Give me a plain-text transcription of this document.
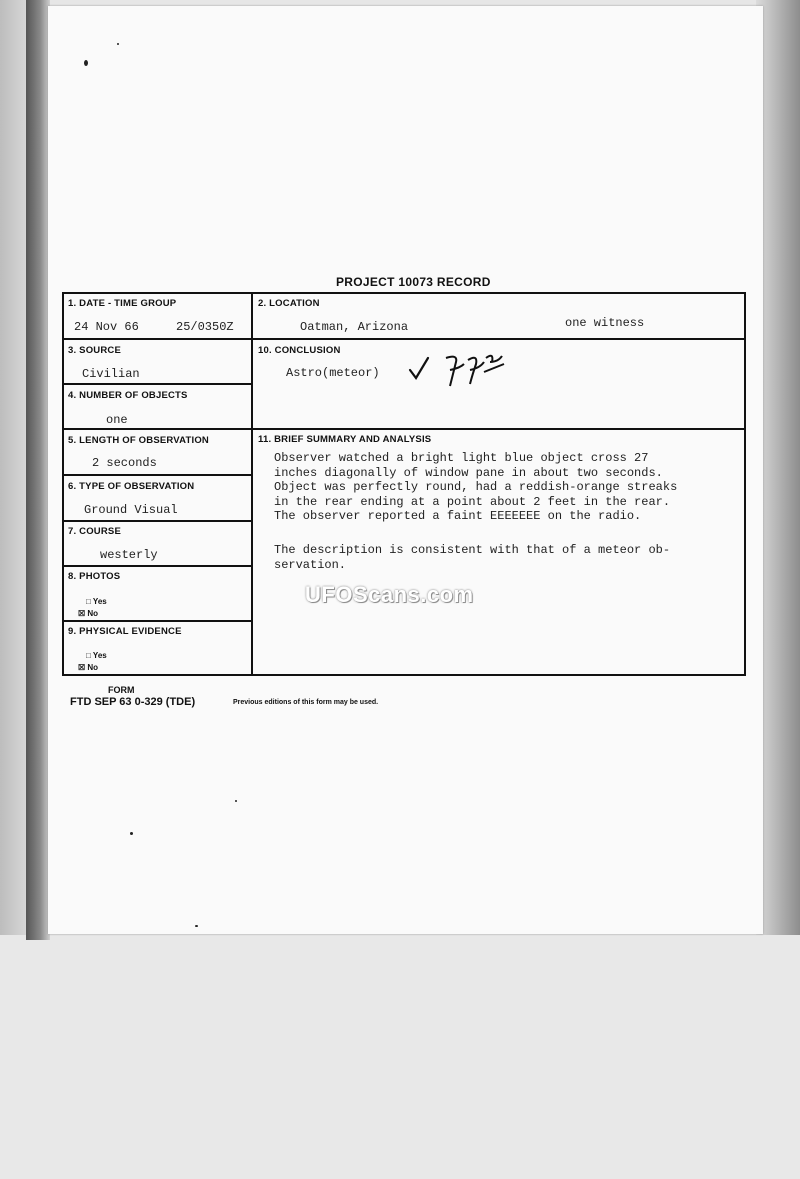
PROJECT 10073 RECORD
1. DATE - TIME GROUP
24 Nov 66	25/0350Z
2. LOCATION
Oatman, Arizona	one witness
3. SOURCE
Civilian
10. CONCLUSION
Astro(meteor)
4. NUMBER OF OBJECTS
one
5. LENGTH OF OBSERVATION
2 seconds
11. BRIEF SUMMARY AND ANALYSIS
Observer watched a bright light blue object cross 27
inches diagonally of window pane in about two seconds.
Object was perfectly round, had a reddish-orange streaks
in the rear ending at a point about 2 feet in the rear.
The observer reported a faint EEEEEEE on the radio.
The description is consistent with that of a meteor ob-
servation.
6. TYPE OF OBSERVATION
Ground Visual
7. COURSE
westerly
8. PHOTOS
□ Yes
☒ No
9. PHYSICAL EVIDENCE
□ Yes
☒ No
UFOScans.com
FORM
FTD SEP 63 0-329 (TDE)	Previous editions of this form may be used.
